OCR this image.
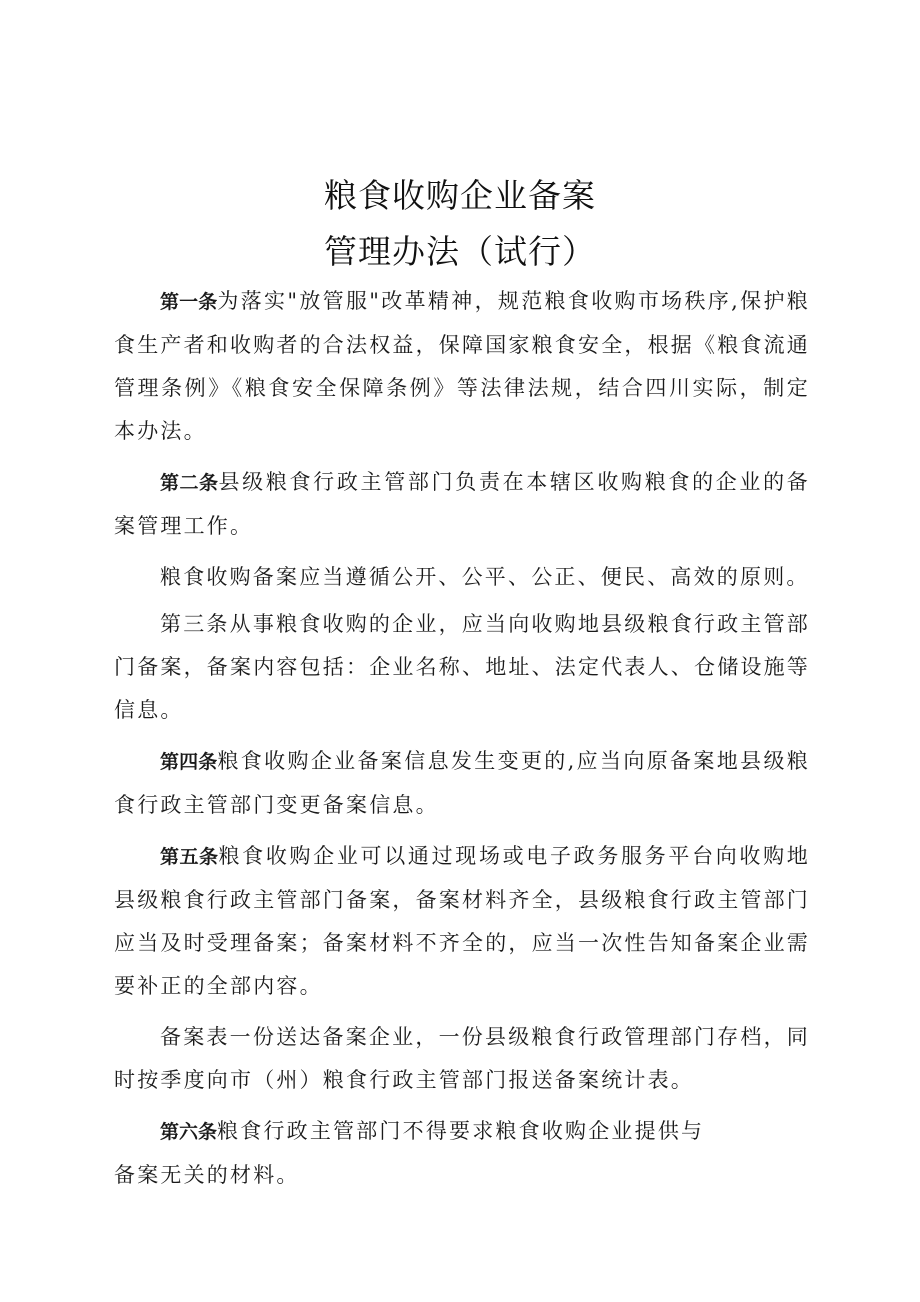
粮食收购企业备案
管理办法（试行）

第一条为落实"放管服"改革精神，规范粮食收购市场秩序,保护粮食生产者和收购者的合法权益，保障国家粮食安全，根据《粮食流通管理条例》《粮食安全保障条例》等法律法规，结合四川实际，制定本办法。

第二条县级粮食行政主管部门负责在本辖区收购粮食的企业的备案管理工作。

粮食收购备案应当遵循公开、公平、公正、便民、高效的原则。

第三条从事粮食收购的企业，应当向收购地县级粮食行政主管部门备案，备案内容包括：企业名称、地址、法定代表人、仓储设施等信息。

第四条粮食收购企业备案信息发生变更的,应当向原备案地县级粮食行政主管部门变更备案信息。

第五条粮食收购企业可以通过现场或电子政务服务平台向收购地县级粮食行政主管部门备案，备案材料齐全，县级粮食行政主管部门应当及时受理备案；备案材料不齐全的，应当一次性告知备案企业需要补正的全部内容。

备案表一份送达备案企业，一份县级粮食行政管理部门存档，同时按季度向市（州）粮食行政主管部门报送备案统计表。

第六条粮食行政主管部门不得要求粮食收购企业提供与
备案无关的材料。
